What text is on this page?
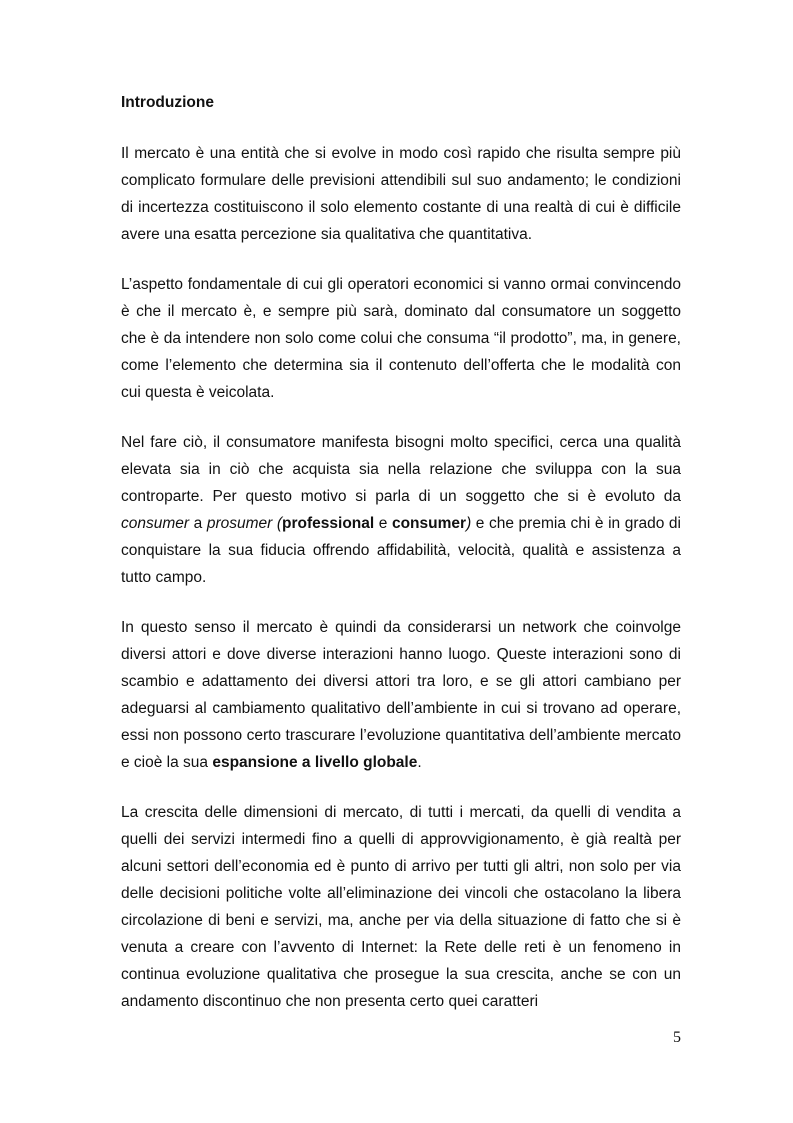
Introduzione

Il mercato è una entità che si evolve in modo così rapido che risulta sempre più complicato formulare delle previsioni attendibili sul suo andamento; le condizioni di incertezza costituiscono il solo elemento costante di una realtà di cui è difficile avere una esatta percezione sia qualitativa che quantitativa.

L’aspetto fondamentale di cui gli operatori economici si vanno ormai convincendo è che il mercato è, e sempre più sarà, dominato dal consumatore un soggetto che è da intendere non solo come colui che consuma “il prodotto”, ma, in genere, come l’elemento che determina sia il contenuto dell’offerta che le modalità con cui questa è veicolata.

Nel fare ciò, il consumatore manifesta bisogni molto specifici, cerca una qualità elevata sia in ciò che acquista sia nella relazione che sviluppa con la sua controparte. Per questo motivo si parla di un soggetto che si è evoluto da consumer a prosumer (professional e consumer) e che premia chi è in grado di conquistare la sua fiducia offrendo affidabilità, velocità, qualità e assistenza a tutto campo.

In questo senso il mercato è quindi da considerarsi un network che coinvolge diversi attori e dove diverse interazioni hanno luogo. Queste interazioni sono di scambio e adattamento dei diversi attori tra loro, e se gli attori cambiano per adeguarsi al cambiamento qualitativo dell’ambiente in cui si trovano ad operare, essi non possono certo trascurare l’evoluzione quantitativa dell’ambiente mercato e cioè la sua espansione a livello globale.

La crescita delle dimensioni di mercato, di tutti i mercati, da quelli di vendita a quelli dei servizi intermedi fino a quelli di approvvigionamento, è già realtà per alcuni settori dell’economia ed è punto di arrivo per tutti gli altri, non solo per via delle decisioni politiche volte all’eliminazione dei vincoli che ostacolano la libera circolazione di beni e servizi, ma, anche per via della situazione di fatto che si è venuta a creare con l’avvento di Internet: la Rete delle reti è un fenomeno in continua evoluzione qualitativa che prosegue la sua crescita, anche se con un andamento discontinuo che non presenta certo quei caratteri

5
